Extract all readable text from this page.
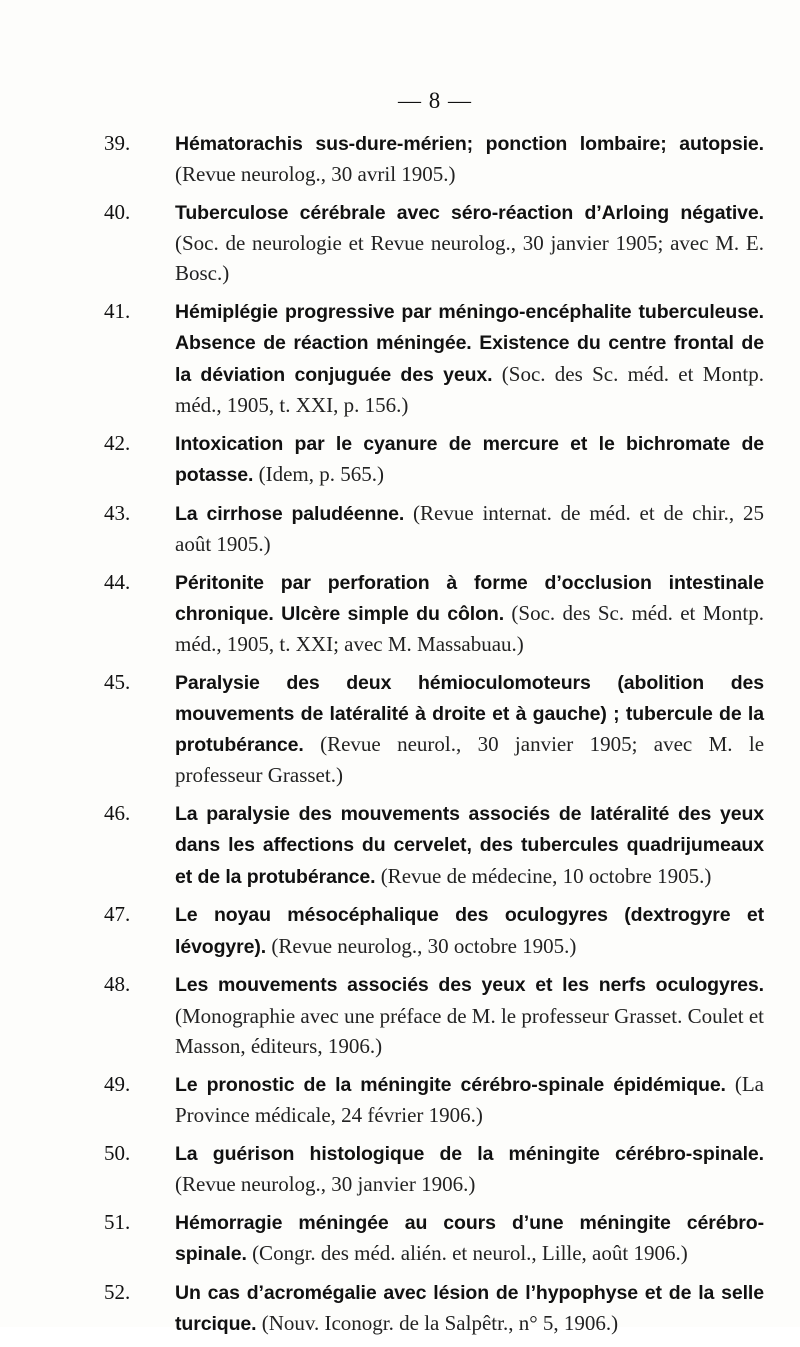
— 8 —
39. Hématorachis sus-dure-mérien; ponction lombaire; autopsie. (Revue neurolog., 30 avril 1905.)
40. Tuberculose cérébrale avec séro-réaction d’Arloing négative. (Soc. de neurologie et Revue neurolog., 30 janvier 1905; avec M. E. Bosc.)
41. Hémiplégie progressive par méningo-encéphalite tuberculeuse. Absence de réaction méningée. Existence du centre frontal de la déviation conjuguée des yeux. (Soc. des Sc. méd. et Montp. méd., 1905, t. XXI, p. 156.)
42. Intoxication par le cyanure de mercure et le bichromate de potasse. (Idem, p. 565.)
43. La cirrhose paludéenne. (Revue internat. de méd. et de chir., 25 août 1905.)
44. Péritonite par perforation à forme d’occlusion intestinale chronique. Ulcère simple du côlon. (Soc. des Sc. méd. et Montp. méd., 1905, t. XXI; avec M. Massabuau.)
45. Paralysie des deux hémioculomoteurs (abolition des mouvements de latéralité à droite et à gauche) ; tubercule de la protubérance. (Revue neurol., 30 janvier 1905; avec M. le professeur Grasset.)
46. La paralysie des mouvements associés de latéralité des yeux dans les affections du cervelet, des tubercules quadrijumeaux et de la protubérance. (Revue de médecine, 10 octobre 1905.)
47. Le noyau mésocéphalique des oculogyres (dextrogyre et lévogyre). (Revue neurolog., 30 octobre 1905.)
48. Les mouvements associés des yeux et les nerfs oculogyres. (Monographie avec une préface de M. le professeur Grasset. Coulet et Masson, éditeurs, 1906.)
49. Le pronostic de la méningite cérébro-spinale épidémique. (La Province médicale, 24 février 1906.)
50. La guérison histologique de la méningite cérébro-spinale. (Revue neurolog., 30 janvier 1906.)
51. Hémorragie méningée au cours d’une méningite cérébro-spinale. (Congr. des méd. alién. et neurol., Lille, août 1906.)
52. Un cas d’acromégalie avec lésion de l’hypophyse et de la selle turcique. (Nouv. Iconogr. de la Salpêtr., n° 5, 1906.)
